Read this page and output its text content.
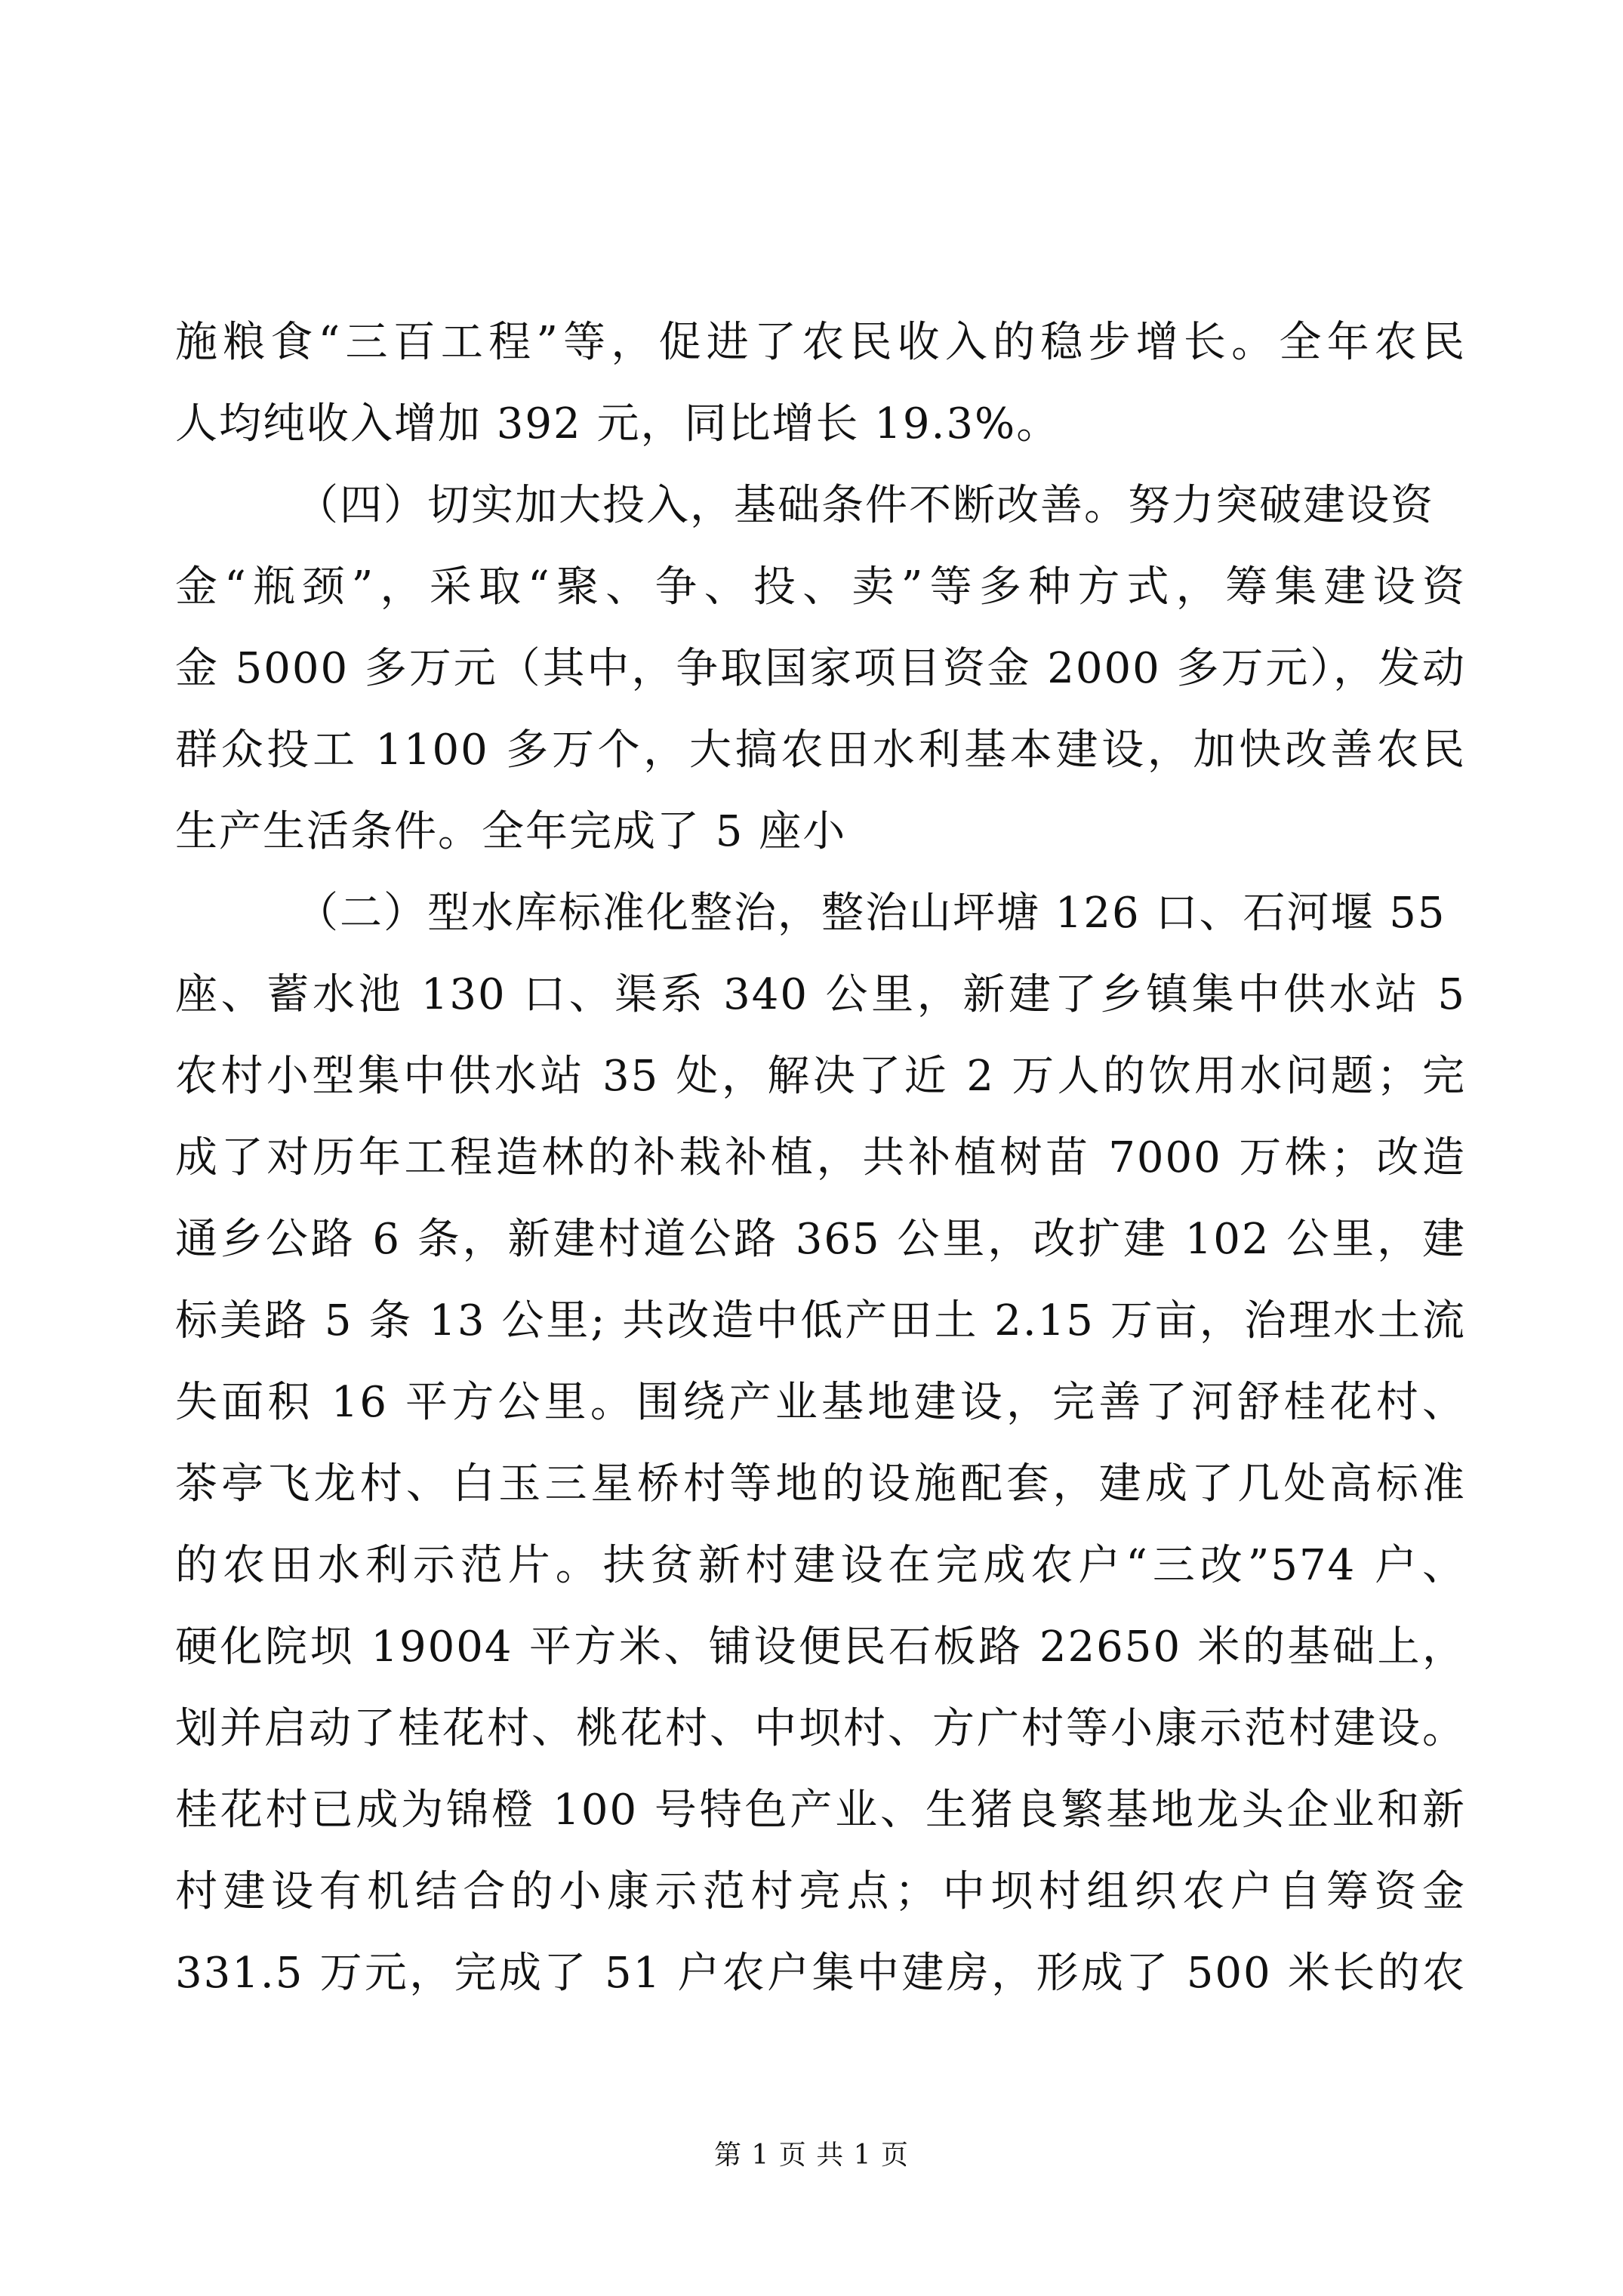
施粮食“三百工程”等，促进了农民收入的稳步增长。全年农民
人均纯收入增加 392 元，同比增长 19.3%。
（四）切实加大投入，基础条件不断改善。努力突破建设资
金“瓶颈”，采取“聚、争、投、卖”等多种方式，筹集建设资
金 5000 多万元（其中，争取国家项目资金 2000 多万元），发动
群众投工 1100 多万个，大搞农田水利基本建设，加快改善农民
生产生活条件。全年完成了 5 座小
（二）型水库标准化整治，整治山坪塘 126 口、石河堰 55
座、蓄水池 130 口、渠系 340 公里，新建了乡镇集中供水站 5
农村小型集中供水站 35 处，解决了近 2 万人的饮用水问题；完
成了对历年工程造林的补栽补植，共补植树苗 7000 万株；改造
通乡公路 6 条，新建村道公路 365 公里，改扩建 102 公里，建
标美路 5 条 13 公里; 共改造中低产田土 2.15 万亩，治理水土流
失面积 16 平方公里。围绕产业基地建设，完善了河舒桂花村、
茶亭飞龙村、白玉三星桥村等地的设施配套，建成了几处高标准
的农田水利示范片。扶贫新村建设在完成农户“三改”574 户、
硬化院坝 19004 平方米、铺设便民石板路 22650 米的基础上，
划并启动了桂花村、桃花村、中坝村、方广村等小康示范村建设。
桂花村已成为锦橙 100 号特色产业、生猪良繁基地龙头企业和新
村建设有机结合的小康示范村亮点；中坝村组织农户自筹资金
331.5 万元，完成了 51 户农户集中建房，形成了 500 米长的农
第 1 页 共 1 页
